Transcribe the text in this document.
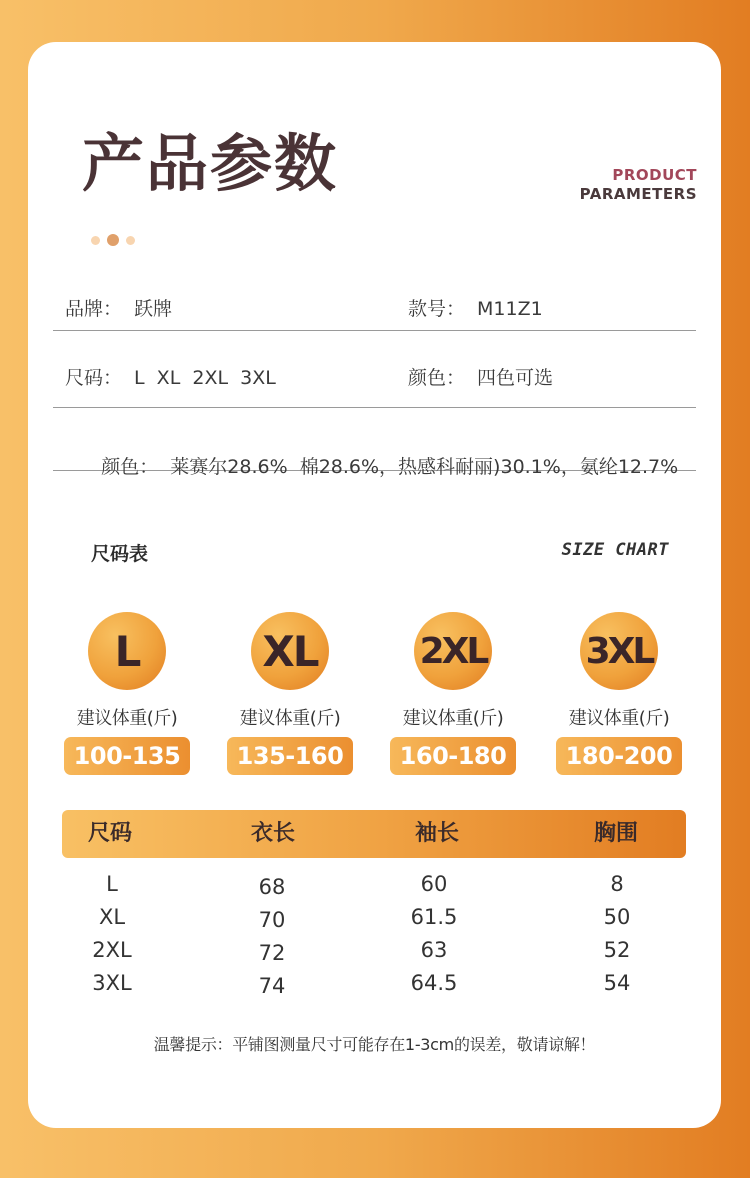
产品参数	PRODUCT
PARAMETERS
品牌： 跃牌	款号： M11Z1
尺码： L  XL  2XL  3XL	颜色： 四色可选

颜色： 莱赛尔28.6%  棉28.6%，热感科耐丽)30.1%，氨纶12.7%

尺码表	SIZE CHART
L
建议体重(斤)
100-135
XL
建议体重(斤)
135-160
2XL
建议体重(斤)
160-180
3XL
建议体重(斤)
180-200
尺码	衣长	袖长	胸围
L	68	60	8
XL	70	61.5	50
2XL	72	63	52
3XL	74	64.5	54
温馨提示：平铺图测量尺寸可能存在1-3cm的误差，敬请谅解！
